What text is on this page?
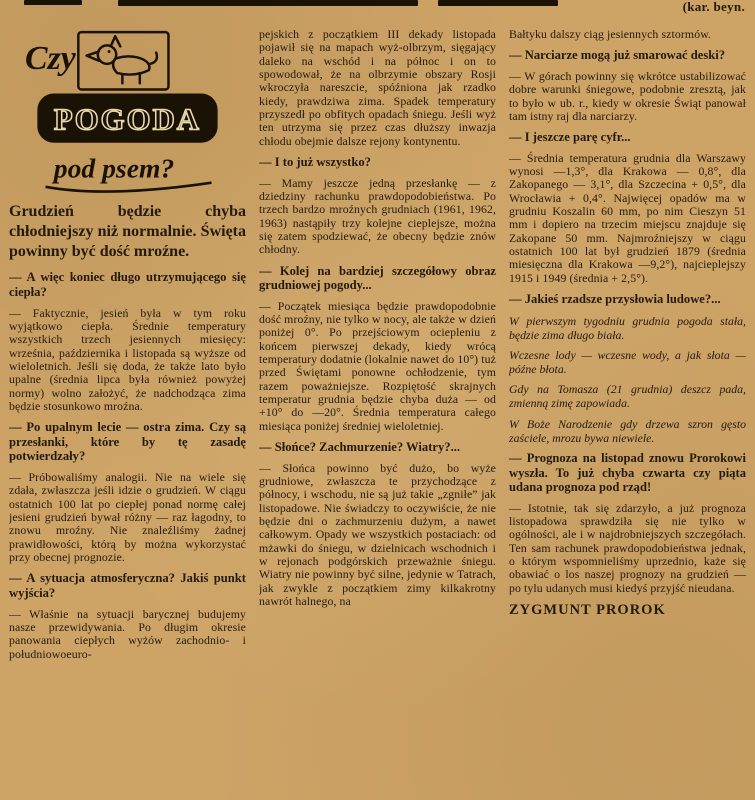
(kar. beyn.
Czy
POGODA
pod psem?

Grudzień będzie chyba chłodniejszy niż normalnie. Święta powinny być dość mroźne.

— A więc koniec długo utrzymującego się ciepła?

— Faktycznie, jesień była w tym roku wyjątkowo ciepła. Średnie temperatury wszystkich trzech jesiennych miesięcy: września, października i listopada są wyższe od wieloletnich. Jeśli się doda, że także lato było upalne (średnia lipca była również powyżej normy) wolno założyć, że nadchodząca zima będzie stosunkowo mroźna.

— Po upalnym lecie — ostra zima. Czy są przesłanki, które by tę zasadę potwierdzały?

— Próbowaliśmy analogii. Nie na wiele się zdała, zwłaszcza jeśli idzie o grudzień. W ciągu ostatnich 100 lat po ciepłej ponad normę całej jesieni grudzień bywał różny — raz łagodny, to znowu mroźny. Nie znaleźliśmy żadnej prawidłowości, którą by można wykorzystać przy obecnej prognozie.

— A sytuacja atmosferyczna? Jakiś punkt wyjścia?

— Właśnie na sytuacji barycznej budujemy nasze przewidywania. Po długim okresie panowania ciepłych wyżów zachodnio- i południowoeuro-

pejskich z początkiem III dekady listopada pojawił się na mapach wyż-olbrzym, sięgający daleko na wschód i na północ i on to spowodował, że na olbrzymie obszary Rosji wkroczyła nareszcie, spóźniona jak rzadko kiedy, prawdziwa zima. Spadek temperatury przyszedł po obfitych opadach śniegu. Jeśli wyż ten utrzyma się przez czas dłuższy inwazja chłodu obejmie dalsze rejony kontynentu.

— I to już wszystko?

— Mamy jeszcze jedną przesłankę — z dziedziny rachunku prawdopodobieństwa. Po trzech bardzo mroźnych grudniach (1961, 1962, 1963) nastąpiły trzy kolejne cieplejsze, można się zatem spodziewać, że obecny będzie znów chłodny.

— Kolej na bardziej szczegółowy obraz grudniowej pogody...

— Początek miesiąca będzie prawdopodobnie dość mroźny, nie tylko w nocy, ale także w dzień poniżej 0°. Po przejściowym ociepleniu z końcem pierwszej dekady, kiedy wrócą temperatury dodatnie (lokalnie nawet do 10°) tuż przed Świętami ponowne ochłodzenie, tym razem poważniejsze. Rozpiętość skrajnych temperatur grudnia będzie chyba duża — od +10° do —20°. Średnia temperatura całego miesiąca poniżej średniej wieloletniej.

— Słońce? Zachmurzenie? Wiatry?...

— Słońca powinno być dużo, bo wyże grudniowe, zwłaszcza te przychodzące z północy, i wschodu, nie są już takie „zgniłe” jak listopadowe. Nie świadczy to oczywiście, że nie będzie dni o zachmurzeniu dużym, a nawet całkowym. Opady we wszystkich postaciach: od mżawki do śniegu, w dzielnicach wschodnich i w rejonach podgórskich przeważnie śniegu. Wiatry nie powinny być silne, jedynie w Tatrach, jak zwykle z początkiem zimy kilkakrotny nawrót halnego, na

Bałtyku dalszy ciąg jesiennych sztormów.

— Narciarze mogą już smarować deski?

— W górach powinny się wkrótce ustabilizować dobre warunki śniegowe, podobnie zresztą, jak to było w ub. r., kiedy w okresie Świąt panował tam istny raj dla narciarzy.

— I jeszcze parę cyfr...

— Średnia temperatura grudnia dla Warszawy wynosi —1,3°, dla Krakowa — 0,8°, dla Zakopanego — 3,1°, dla Szczecina + 0,5°, dla Wrocławia + 0,4°. Najwięcej opadów ma w grudniu Koszalin 60 mm, po nim Cieszyn 51 mm i dopiero na trzecim miejscu znajduje się Zakopane 50 mm. Najmroźniejszy w ciągu ostatnich 100 lat był grudzień 1879 (średnia miesięczna dla Krakowa —9,2°), najcieplejszy 1915 i 1949 (średnia + 2,5°).

— Jakieś rzadsze przysłowia ludowe?...

W pierwszym tygodniu grudnia pogoda stała, będzie zima długo biała.

Wczesne lody — wczesne wody, a jak słota — późne błota.

Gdy na Tomasza (21 grudnia) deszcz pada, zmienną zimę zapowiada.

W Boże Narodzenie gdy drzewa szron gęsto zaściele, mrozu bywa niewiele.

— Prognoza na listopad znowu Prorokowi wyszła. To już chyba czwarta czy piąta udana prognoza pod rząd!

— Istotnie, tak się zdarzyło, a już prognoza listopadowa sprawdziła się nie tylko w ogólności, ale i w najdrobniejszych szczegółach. Ten sam rachunek prawdopodobieństwa jednak, o którym wspomnieliśmy uprzednio, każe się obawiać o los naszej prognozy na grudzień — po tylu udanych musi kiedyś przyjść nieudana.

ZYGMUNT PROROK
